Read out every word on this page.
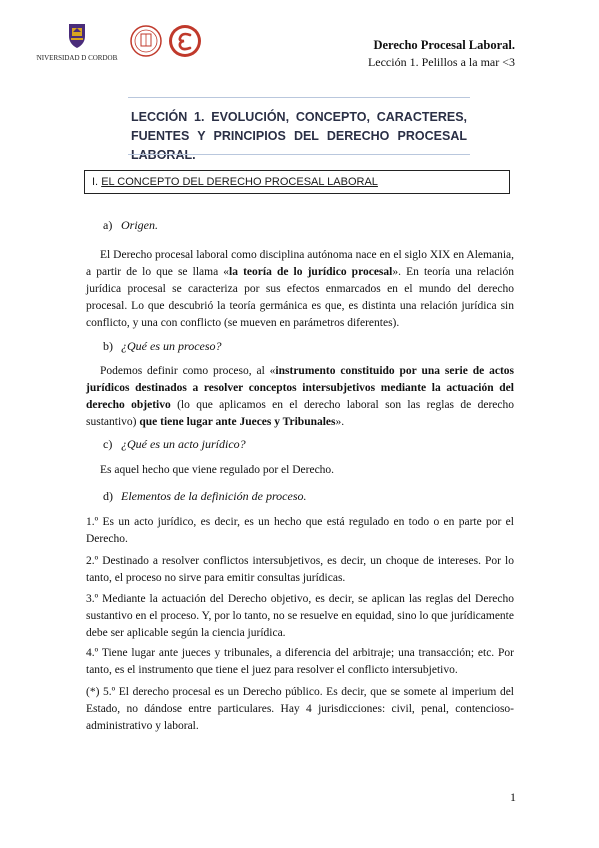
UNIVERSIDAD D CORDOBA
Derecho Procesal Laboral.
Lección 1. Pelillos a la mar <3
LECCIÓN 1. EVOLUCIÓN, CONCEPTO, CARACTERES, FUENTES Y PRINCIPIOS DEL DERECHO PROCESAL LABORAL.
I. EL CONCEPTO DEL DERECHO PROCESAL LABORAL
a) Origen.
El Derecho procesal laboral como disciplina autónoma nace en el siglo XIX en Alemania, a partir de lo que se llama «la teoría de lo jurídico procesal». En teoría una relación jurídica procesal se caracteriza por sus efectos enmarcados en el mundo del derecho procesal. Lo que descubrió la teoría germánica es que, es distinta una relación jurídica sin conflicto, y una con conflicto (se mueven en parámetros diferentes).
b) ¿Qué es un proceso?
Podemos definir como proceso, al «instrumento constituido por una serie de actos jurídicos destinados a resolver conceptos intersubjetivos mediante la actuación del derecho objetivo (lo que aplicamos en el derecho laboral son las reglas de derecho sustantivo) que tiene lugar ante Jueces y Tribunales».
c) ¿Qué es un acto jurídico?
Es aquel hecho que viene regulado por el Derecho.
d) Elementos de la definición de proceso.
1.º Es un acto jurídico, es decir, es un hecho que está regulado en todo o en parte por el Derecho.
2.º Destinado a resolver conflictos intersubjetivos, es decir, un choque de intereses. Por lo tanto, el proceso no sirve para emitir consultas jurídicas.
3.º Mediante la actuación del Derecho objetivo, es decir, se aplican las reglas del Derecho sustantivo en el proceso. Y, por lo tanto, no se resuelve en equidad, sino lo que jurídicamente debe ser aplicable según la ciencia jurídica.
4.º Tiene lugar ante jueces y tribunales, a diferencia del arbitraje; una transacción; etc. Por tanto, es el instrumento que tiene el juez para resolver el conflicto intersubjetivo.
(*) 5.º El derecho procesal es un Derecho público. Es decir, que se somete al imperium del Estado, no dándose entre particulares. Hay 4 jurisdicciones: civil, penal, contencioso-administrativo y laboral.
1
